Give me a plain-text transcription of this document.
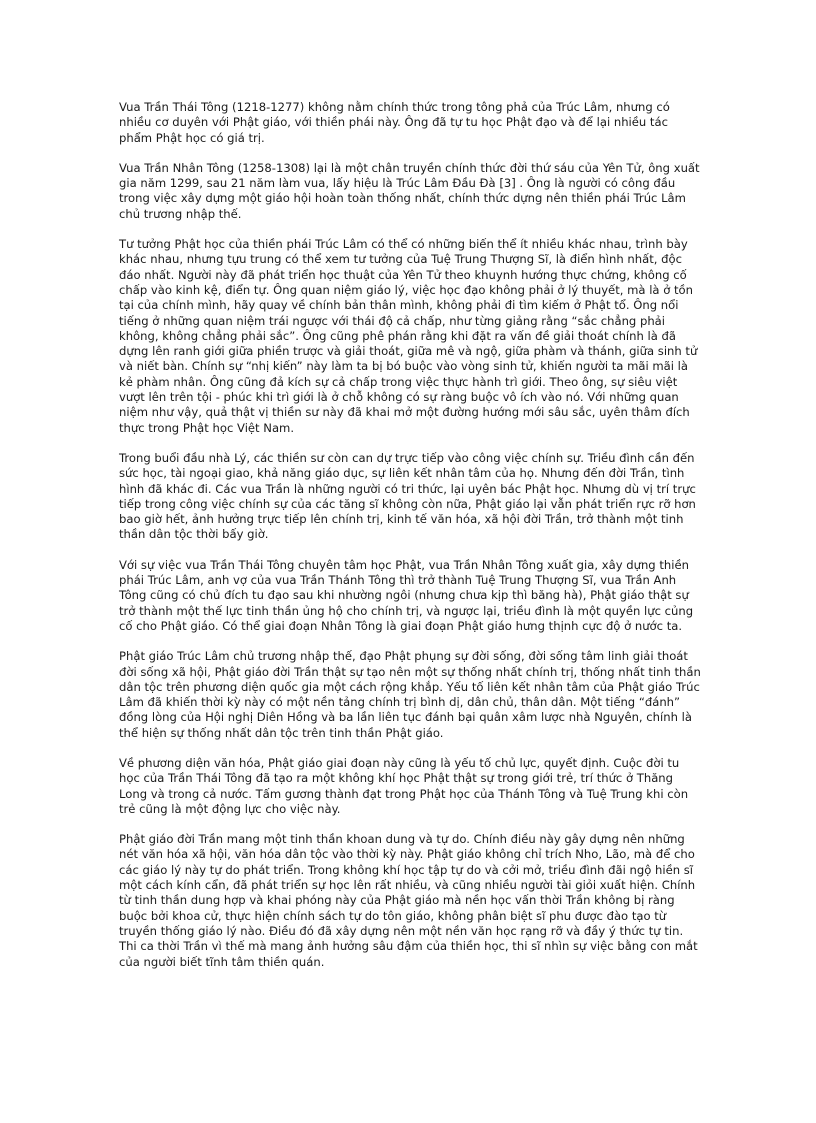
Vua Trần Thái Tông (1218-1277) không nằm chính thức trong tông phả của Trúc Lâm, nhưng có nhiều cơ duyên với Phật giáo, với thiền phái này. Ông đã tự tu học Phật đạo và để lại nhiều tác phẩm Phật học có giá trị.

Vua Trần Nhân Tông (1258-1308) lại là một chân truyền chính thức đời thứ sáu của Yên Tử, ông xuất gia năm 1299, sau 21 năm làm vua, lấy hiệu là Trúc Lâm Đầu Đà [3] . Ông là người có công đầu trong việc xây dựng một giáo hội hoàn toàn thống nhất, chính thức dựng nên thiền phái Trúc Lâm chủ trương nhập thế.

Tư tưởng Phật học của thiền phái Trúc Lâm có thể có những biến thể ít nhiều khác nhau, trình bày khác nhau, nhưng tựu trung có thể xem tư tưởng của Tuệ Trung Thượng Sĩ, là điển hình nhất, độc đáo nhất. Người này đã phát triển học thuật của Yên Tử theo khuynh hướng thực chứng, không cố chấp vào kinh kệ, điển tự. Ông quan niệm giáo lý, việc học đạo không phải ở lý thuyết, mà là ở tồn tại của chính mình, hãy quay về chính bản thân mình, không phải đi tìm kiếm ở Phật tổ. Ông nổi tiếng ở những quan niệm trái ngược với thái độ cả chấp, như từng giảng rằng “sắc chẳng phải không, không chẳng phải sắc”. Ông cũng phê phán rằng khi đặt ra vấn đề giải thoát chính là đã dựng lên ranh giới giữa phiền trược và giải thoát, giữa mê và ngộ, giữa phàm và thánh, giữa sinh tử và niết bàn. Chính sự “nhị kiến” này làm ta bị bó buộc vào vòng sinh tử, khiến người ta mãi mãi là kẻ phàm nhân. Ông cũng đả kích sự cả chấp trong việc thực hành trì giới. Theo ông, sự siêu việt vượt lên trên tội - phúc khi trì giới là ở chỗ không có sự ràng buộc vô ích vào nó. Với những quan niệm như vậy, quả thật vị thiền sư này đã khai mở một đường hướng mới sâu sắc, uyên thâm đích thực trong Phật học Việt Nam.

Trong buổi đầu nhà Lý, các thiền sư còn can dự trực tiếp vào công việc chính sự. Triều đình cần đến sức học, tài ngoại giao, khả năng giáo dục, sự liên kết nhân tâm của họ. Nhưng đến đời Trần, tình hình đã khác đi. Các vua Trần là những người có tri thức, lại uyên bác Phật học. Nhưng dù vị trí trực tiếp trong công việc chính sự của các tăng sĩ không còn nữa, Phật giáo lại vẫn phát triển rực rỡ hơn bao giờ hết, ảnh hưởng trực tiếp lên chính trị, kinh tế văn hóa, xã hội đời Trần, trở thành một tinh thần dân tộc thời bấy giờ.

Với sự việc vua Trần Thái Tông chuyên tâm học Phật, vua Trần Nhân Tông xuất gia, xây dựng thiền phái Trúc Lâm, anh vợ của vua Trần Thánh Tông thì trở thành Tuệ Trung Thượng Sĩ, vua Trần Anh Tông cũng có chủ đích tu đạo sau khi nhường ngôi (nhưng chưa kịp thì băng hà), Phật giáo thật sự trở thành một thế lực tinh thần ủng hộ cho chính trị, và ngược lại, triều đình là một quyền lực củng cố cho Phật giáo. Có thể giai đoạn Nhân Tông là giai đoạn Phật giáo hưng thịnh cực độ ở nước ta.

Phật giáo Trúc Lâm chủ trương nhập thế, đạo Phật phụng sự đời sống, đời sống tâm linh giải thoát đời sống xã hội, Phật giáo đời Trần thật sự tạo nên một sự thống nhất chính trị, thống nhất tinh thần dân tộc trên phương diện quốc gia một cách rộng khắp. Yếu tố liên kết nhân tâm của Phật giáo Trúc Lâm đã khiến thời kỳ này có một nền tảng chính trị bình dị, dân chủ, thân dân. Một tiếng “đánh” đồng lòng của Hội nghị Diên Hồng và ba lần liên tục đánh bại quân xâm lược nhà Nguyên, chính là thể hiện sự thống nhất dân tộc trên tinh thần Phật giáo.

Về phương diện văn hóa, Phật giáo giai đoạn này cũng là yếu tố chủ lực, quyết định. Cuộc đời tu học của Trần Thái Tông đã tạo ra một không khí học Phật thật sự trong giới trẻ, trí thức ở Thăng Long và trong cả nước. Tấm gương thành đạt trong Phật học của Thánh Tông và Tuệ Trung khi còn trẻ cũng là một động lực cho việc này.

Phật giáo đời Trần mang một tinh thần khoan dung và tự do. Chính điều này gây dựng nên những nét văn hóa xã hội, văn hóa dân tộc vào thời kỳ này. Phật giáo không chỉ trích Nho, Lão, mà để cho các giáo lý này tự do phát triển. Trong không khí học tập tự do và cởi mở, triều đình đãi ngộ hiền sĩ một cách kính cẩn, đã phát triển sự học lên rất nhiều, và cũng nhiều người tài giỏi xuất hiện. Chính từ tinh thần dung hợp và khai phóng này của Phật giáo mà nền học vấn thời Trần không bị ràng buộc bởi khoa cử, thực hiện chính sách tự do tôn giáo, không phân biệt sĩ phu được đào tạo từ truyền thống giáo lý nào. Điều đó đã xây dựng nên một nền văn học rạng rỡ và đầy ý thức tự tin. Thi ca thời Trần vì thế mà mang ảnh hưởng sâu đậm của thiền học, thi sĩ nhìn sự việc bằng con mắt của người biết tĩnh tâm thiền quán.
